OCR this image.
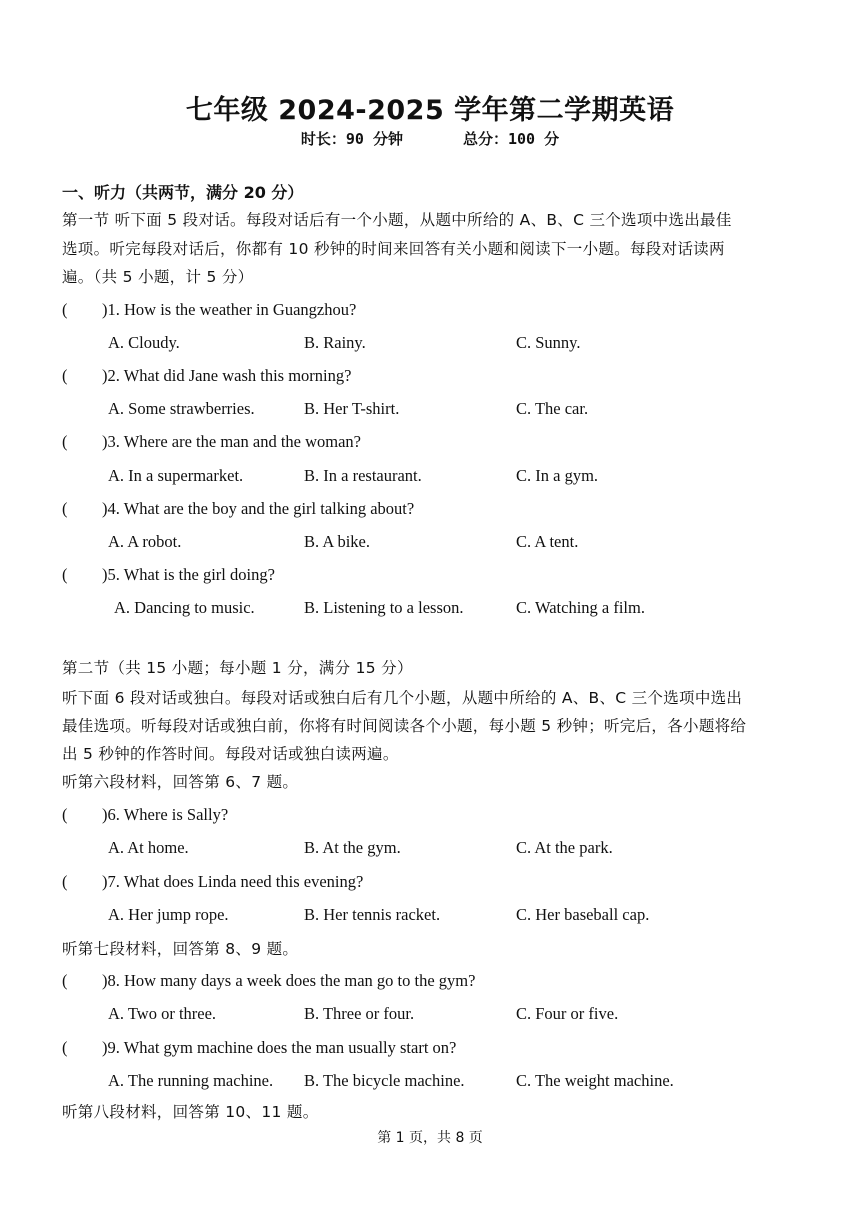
七年级 2024-2025 学年第二学期英语
时长：90 分钟	总分：100 分
一、听力（共两节，满分 20 分）
第一节 听下面 5 段对话。每段对话后有一个小题，从题中所给的 A、B、C 三个选项中选出最佳
选项。听完每段对话后，你都有 10 秒钟的时间来回答有关小题和阅读下一小题。每段对话读两
遍。（共 5 小题，计 5 分）
( )1. How is the weather in Guangzhou?
A. Cloudy.	B. Rainy.	C. Sunny.
( )2. What did Jane wash this morning?
A. Some strawberries.	B. Her T-shirt.	C. The car.
( )3. Where are the man and the woman?
A. In a supermarket.	B. In a restaurant.	C. In a gym.
( )4. What are the boy and the girl talking about?
A. A robot.	B. A bike.	C. A tent.
( )5. What is the girl doing?
A. Dancing to music.	B. Listening to a lesson.	C. Watching a film.
第二节（共 15 小题；每小题 1 分，满分 15 分）
听下面 6 段对话或独白。每段对话或独白后有几个小题，从题中所给的 A、B、C 三个选项中选出
最佳选项。听每段对话或独白前，你将有时间阅读各个小题，每小题 5 秒钟；听完后，各小题将给
出 5 秒钟的作答时间。每段对话或独白读两遍。
听第六段材料，回答第 6、7 题。
( )6. Where is Sally?
A. At home.	B. At the gym.	C. At the park.
( )7. What does Linda need this evening?
A. Her jump rope.	B. Her tennis racket.	C. Her baseball cap.
听第七段材料，回答第 8、9 题。
( )8. How many days a week does the man go to the gym?
A. Two or three.	B. Three or four.	C. Four or five.
( )9. What gym machine does the man usually start on?
A. The running machine. B. The bicycle machine.	C. The weight machine.
听第八段材料，回答第 10、11 题。
第 1 页，共 8 页
